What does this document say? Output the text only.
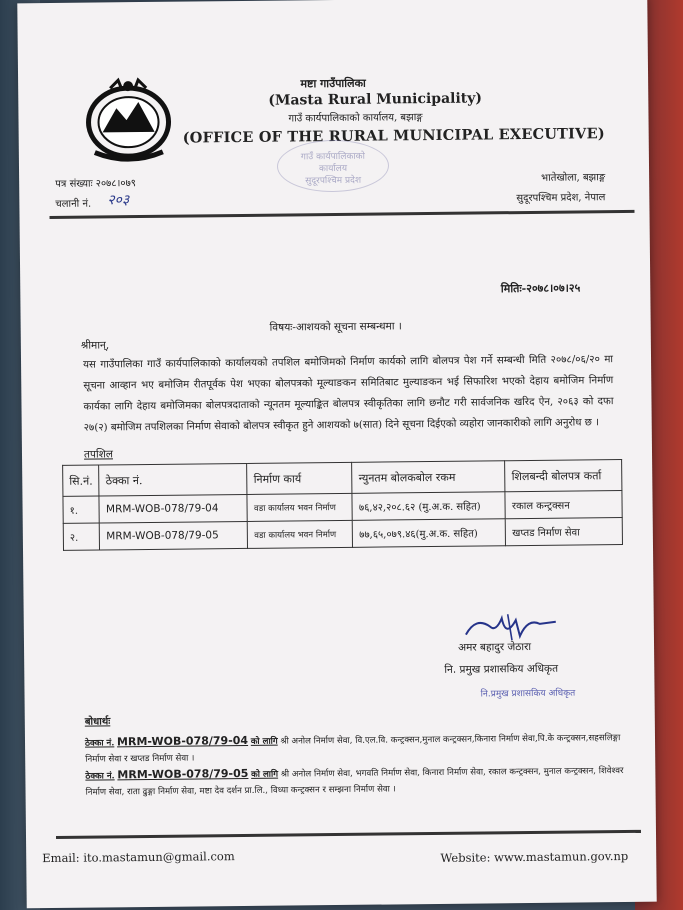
मष्टा गाउँपालिका
(Masta Rural Municipality)
गाउँ कार्यपालिकाको कार्यालय, बझाङ्ग
(OFFICE OF THE RURAL MUNICIPAL EXECUTIVE)
गाउँ कार्यपालिकाको
कार्यालय
सुदूरपश्चिम प्रदेश
पत्र संख्याः २०७८।०७९
चलानी नं. २०३
भातेखोला, बझाङ्ग
सुदूरपश्चिम प्रदेश, नेपाल
मितिः-२०७८।०७।२५
विषयः-आशयको सूचना सम्बन्धमा ।
श्रीमान्,
यस गाउँपालिका गाउँ कार्यपालिकाको कार्यालयको तपशिल बमोजिमको निर्माण कार्यको लागि बोलपत्र पेश गर्ने सम्बन्धी मिति २०७८/०६/२० मा सूचना आव्हान भए बमोजिम रीतपूर्वक पेश भएका बोलपत्रको मूल्याङकन समितिबाट मुल्याङकन भई सिफारिश भएको देहाय बमोजिम निर्माण कार्यका लागि देहाय बमोजिमका बोलपत्रदाताको न्यूनतम मूल्याङ्कित बोलपत्र स्वीकृतिका लागि छनौट गरी सार्वजनिक खरिद ऐन, २०६३ को दफा २७(२) बमोजिम तपशिलका निर्माण सेवाको बोलपत्र स्वीकृत हुने आशयको ७(सात) दिने सूचना दिईएको व्यहोरा जानकारीको लागि अनुरोध छ ।
तपशिल
सि.नं.	ठेक्का नं.	निर्माण कार्य	न्युनतम बोलकबोल रकम	शिलबन्दी बोलपत्र कर्ता
१.	MRM-WOB-078/79-04	वडा कार्यालय भवन निर्माण	७६,४२,२०८.६२ (मु.अ.क. सहित)	रकाल कन्ट्रक्सन
२.	MRM-WOB-078/79-05	वडा कार्यालय भवन निर्माण	७७,६५,०७९.४६(मु.अ.क. सहित)	खप्तड निर्माण सेवा
अमर बहादुर जेठारा
नि. प्रमुख प्रशासकिय अधिकृत
नि.प्रमुख प्रशासकिय अधिकृत
बोधार्थः
ठेक्का नं. MRM-WOB-078/79-04 को लागि श्री अनोल निर्माण सेवा, वि.एल.वि. कन्ट्रक्सन,मुनाल कन्ट्रक्सन,किनारा निर्माण सेवा,पि.के कन्ट्रक्सन,सहसलिङ्गा निर्माण सेवा र खप्तड निर्माण सेवा ।
ठेक्का नं. MRM-WOB-078/79-05 को लागि श्री अनोल निर्माण सेवा, भगवति निर्माण सेवा, किनारा निर्माण सेवा, रकाल कन्ट्रक्सन, मुनाल कन्ट्रक्सन, शिवेश्वर निर्माण सेवा, राता ढुङ्गा निर्माण सेवा, मष्टा देव दर्शन प्रा.लि., विध्या कन्ट्रक्सन र सम्झना निर्माण सेवा ।
Email: ito.mastamun@gmail.com	Website: www.mastamun.gov.np
